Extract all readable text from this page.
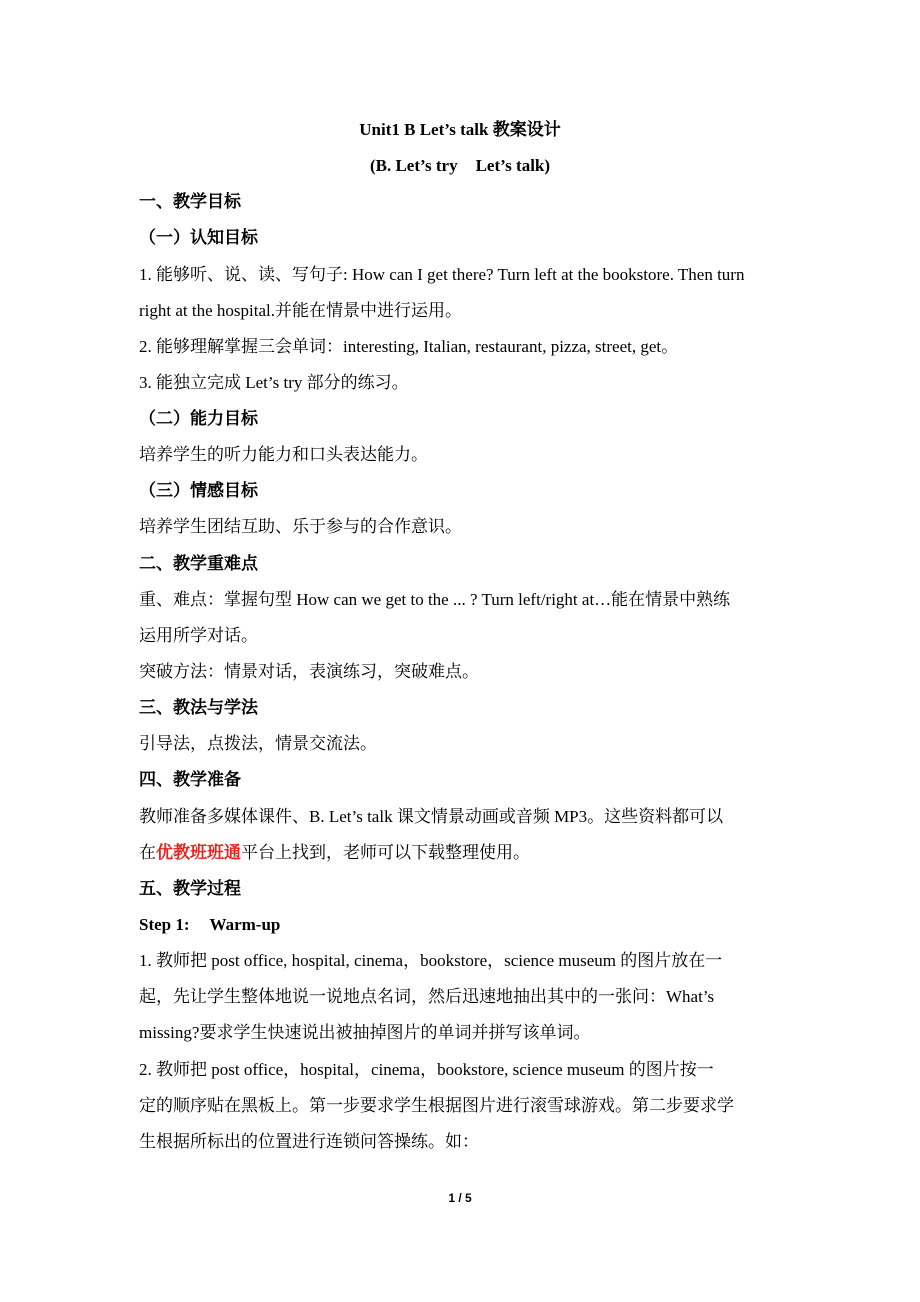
Unit1 B Let’s talk 教案设计
(B. Let’s try Let’s talk)
一、教学目标
（一）认知目标
1. 能够听、说、读、写句子: How can I get there? Turn left at the bookstore. Then turn
right at the hospital.并能在情景中进行运用。
2. 能够理解掌握三会单词：interesting, Italian, restaurant, pizza, street, get。
3. 能独立完成 Let’s try 部分的练习。
（二）能力目标
培养学生的听力能力和口头表达能力。
（三）情感目标
培养学生团结互助、乐于参与的合作意识。
二、教学重难点
重、难点：掌握句型 How can we get to the ... ? Turn left/right at…能在情景中熟练
运用所学对话。
突破方法：情景对话，表演练习，突破难点。
三、教法与学法
引导法，点拨法，情景交流法。
四、教学准备
教师准备多媒体课件、B. Let’s talk 课文情景动画或音频 MP3。这些资料都可以
在优教班班通平台上找到，老师可以下载整理使用。
五、教学过程
Step 1: Warm-up
1. 教师把 post office, hospital, cinema，bookstore，science museum 的图片放在一
起，先让学生整体地说一说地点名词，然后迅速地抽出其中的一张问：What’s
missing?要求学生快速说出被抽掉图片的单词并拼写该单词。
2. 教师把 post office，hospital，cinema，bookstore, science museum 的图片按一
定的顺序贴在黑板上。第一步要求学生根据图片进行滚雪球游戏。第二步要求学
生根据所标出的位置进行连锁问答操练。如：
1 / 5
